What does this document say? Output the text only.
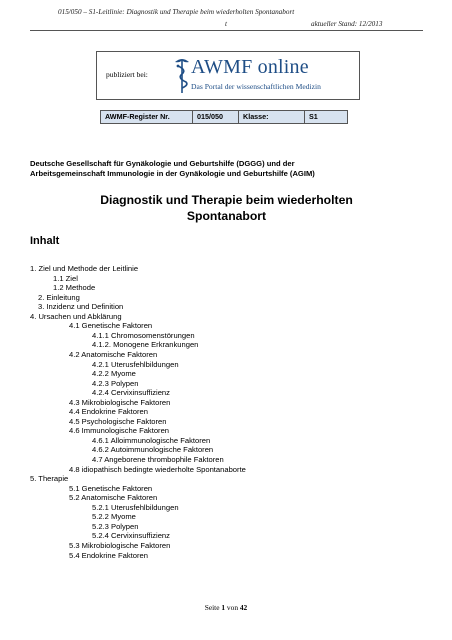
015/050 – S1-Leitlinie: Diagnostik und Therapie beim wiederholten Spontanabort
t	aktueller Stand: 12/2013
publiziert bei: AWMF online
Das Portal der wissenschaftlichen Medizin
AWMF-Register Nr.	015/050	Klasse:	S1
Deutsche Gesellschaft für Gynäkologie und Geburtshilfe (DGGG) und der
Arbeitsgemeinschaft Immunologie in der Gynäkologie und Geburtshilfe (AGIM)
Diagnostik und Therapie beim wiederholten
Spontanabort
Inhalt
1. Ziel und Methode der Leitlinie
1.1 Ziel
1.2 Methode
2. Einleitung
3. Inzidenz und Definition
4. Ursachen und Abklärung
4.1 Genetische Faktoren
4.1.1 Chromosomenstörungen
4.1.2. Monogene Erkrankungen
4.2 Anatomische Faktoren
4.2.1 Uterusfehlbildungen
4.2.2 Myome
4.2.3 Polypen
4.2.4 Cervixinsuffizienz
4.3 Mikrobiologische Faktoren
4.4 Endokrine Faktoren
4.5 Psychologische Faktoren
4.6 Immunologische Faktoren
4.6.1 Alloimmunologische Faktoren
4.6.2 Autoimmunologische Faktoren
4.7 Angeborene thrombophile Faktoren
4.8 idiopathisch bedingte wiederholte Spontanaborte
5. Therapie
5.1 Genetische Faktoren
5.2 Anatomische Faktoren
5.2.1 Uterusfehlbildungen
5.2.2 Myome
5.2.3 Polypen
5.2.4 Cervixinsuffizienz
5.3 Mikrobiologische Faktoren
5.4 Endokrine Faktoren
Seite 1 von 42
